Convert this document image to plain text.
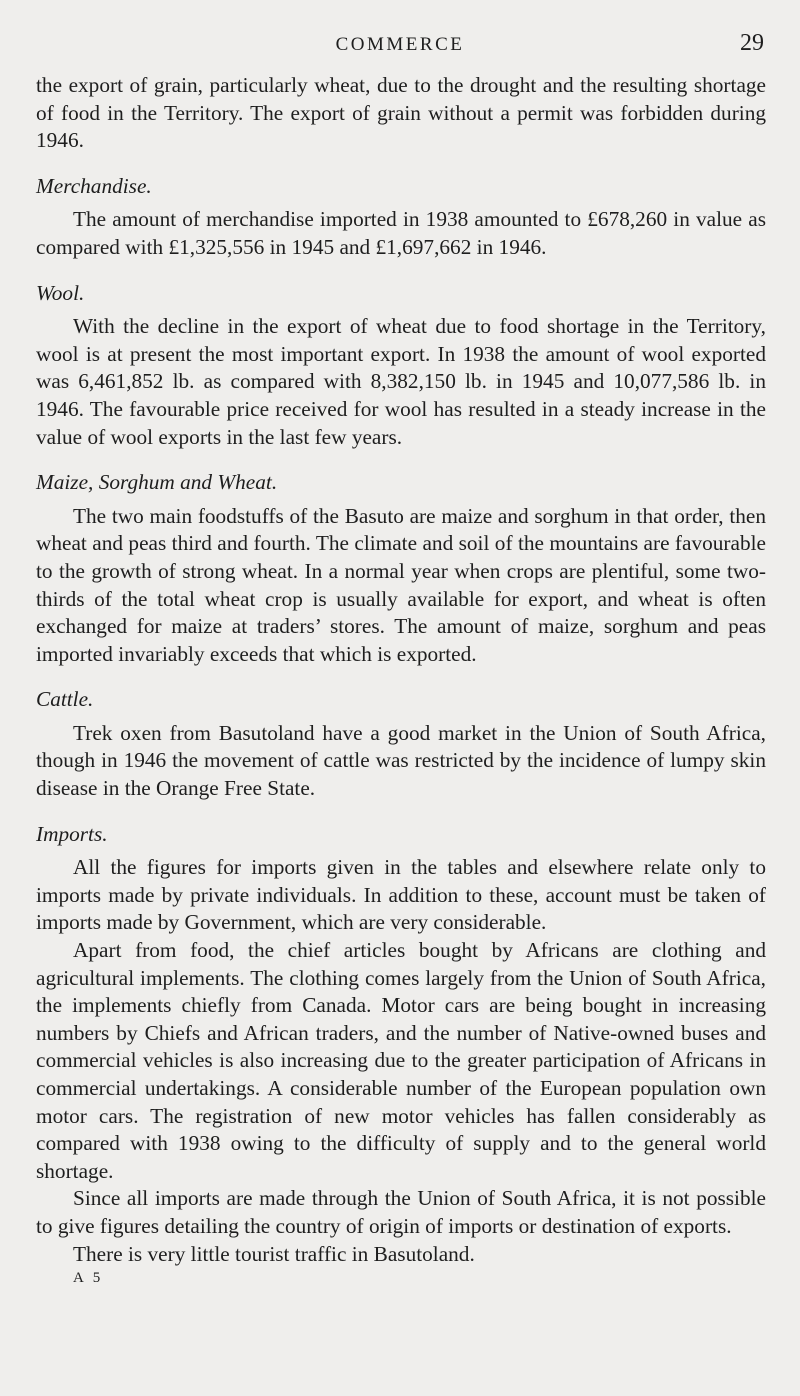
COMMERCE	29

the export of grain, particularly wheat, due to the drought and the resulting shortage of food in the Territory. The export of grain without a permit was forbidden during 1946.

Merchandise.

The amount of merchandise imported in 1938 amounted to £678,260 in value as compared with £1,325,556 in 1945 and £1,697,662 in 1946.

Wool.

With the decline in the export of wheat due to food shortage in the Territory, wool is at present the most important export. In 1938 the amount of wool exported was 6,461,852 lb. as compared with 8,382,150 lb. in 1945 and 10,077,586 lb. in 1946. The favourable price received for wool has resulted in a steady increase in the value of wool exports in the last few years.

Maize, Sorghum and Wheat.

The two main foodstuffs of the Basuto are maize and sorghum in that order, then wheat and peas third and fourth. The climate and soil of the mountains are favourable to the growth of strong wheat. In a normal year when crops are plentiful, some two-thirds of the total wheat crop is usually available for export, and wheat is often exchanged for maize at traders’ stores. The amount of maize, sorghum and peas imported invariably exceeds that which is exported.

Cattle.

Trek oxen from Basutoland have a good market in the Union of South Africa, though in 1946 the movement of cattle was restricted by the incidence of lumpy skin disease in the Orange Free State.

Imports.

All the figures for imports given in the tables and elsewhere relate only to imports made by private individuals. In addition to these, account must be taken of imports made by Government, which are very considerable.

Apart from food, the chief articles bought by Africans are clothing and agricultural implements. The clothing comes largely from the Union of South Africa, the implements chiefly from Canada. Motor cars are being bought in increasing numbers by Chiefs and African traders, and the number of Native-owned buses and commercial vehicles is also increasing due to the greater participation of Africans in commercial undertakings. A considerable number of the European population own motor cars. The registration of new motor vehicles has fallen considerably as compared with 1938 owing to the difficulty of supply and to the general world shortage.

Since all imports are made through the Union of South Africa, it is not possible to give figures detailing the country of origin of imports or destination of exports.

There is very little tourist traffic in Basutoland.

A 5
